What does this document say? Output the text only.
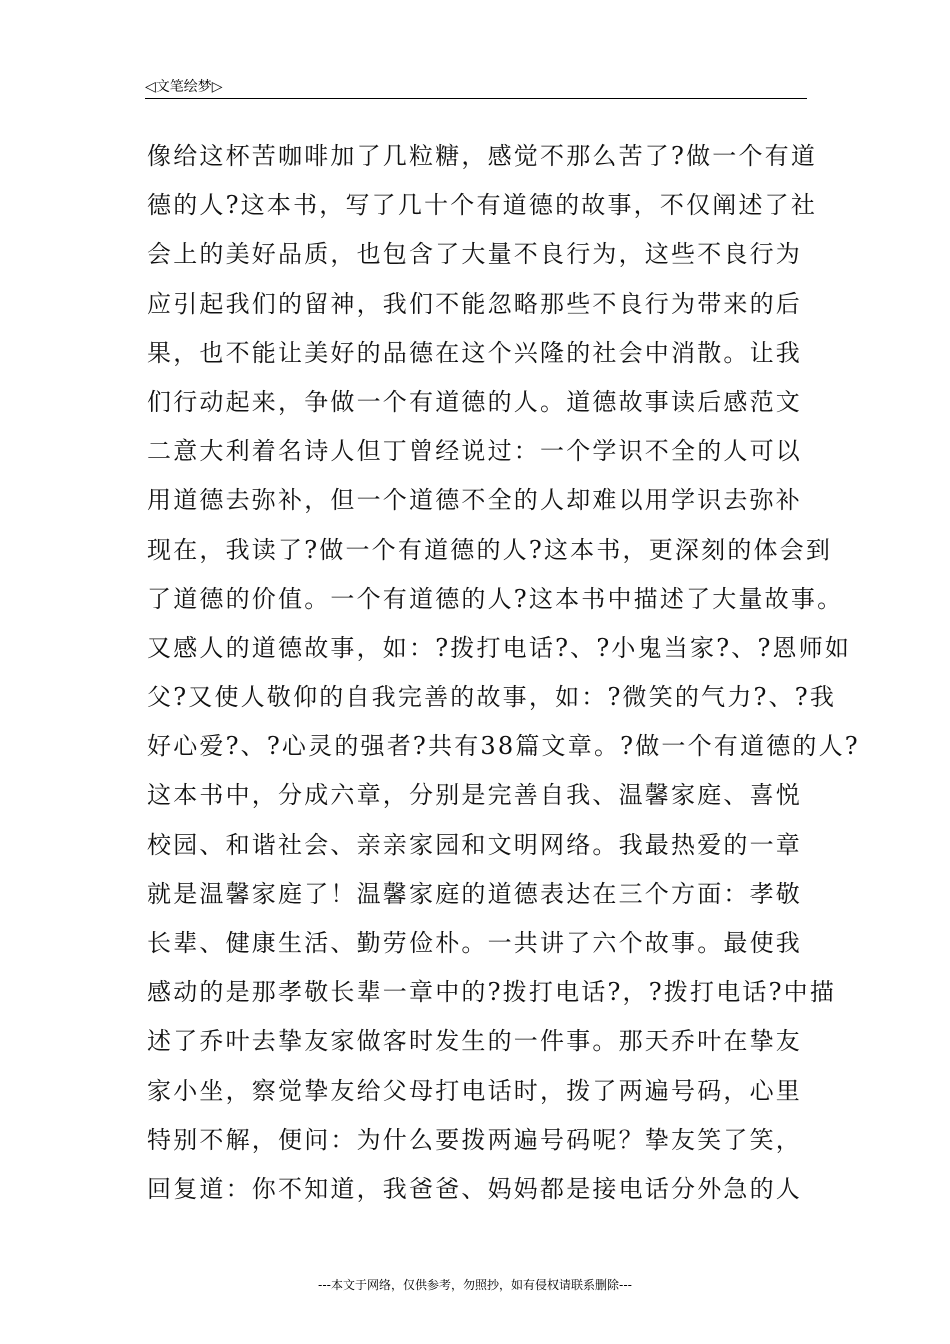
◁文笔绘梦▷
像给这杯苦咖啡加了几粒糖，感觉不那么苦了?做一个有道
德的人?这本书，写了几十个有道德的故事，不仅阐述了社
会上的美好品质，也包含了大量不良行为，这些不良行为
应引起我们的留神，我们不能忽略那些不良行为带来的后
果，也不能让美好的品德在这个兴隆的社会中消散。让我
们行动起来，争做一个有道德的人。道德故事读后感范文
二意大利着名诗人但丁曾经说过：一个学识不全的人可以
用道德去弥补，但一个道德不全的人却难以用学识去弥补
现在，我读了?做一个有道德的人?这本书，更深刻的体会到
了道德的价值。一个有道德的人?这本书中描述了大量故事。
又感人的道德故事，如：?拨打电话?、?小鬼当家?、?恩师如
父?又使人敬仰的自我完善的故事，如：?微笑的气力?、?我
好心爱?、?心灵的强者?共有38篇文章。?做一个有道德的人?
这本书中，分成六章，分别是完善自我、温馨家庭、喜悦
校园、和谐社会、亲亲家园和文明网络。我最热爱的一章
就是温馨家庭了！温馨家庭的道德表达在三个方面：孝敬
长辈、健康生活、勤劳俭朴。一共讲了六个故事。最使我
感动的是那孝敬长辈一章中的?拨打电话?，?拨打电话?中描
述了乔叶去挚友家做客时发生的一件事。那天乔叶在挚友
家小坐，察觉挚友给父母打电话时，拨了两遍号码，心里
特别不解，便问：为什么要拨两遍号码呢？挚友笑了笑，
回复道：你不知道，我爸爸、妈妈都是接电话分外急的人
---本文于网络，仅供参考，勿照抄，如有侵权请联系删除---
